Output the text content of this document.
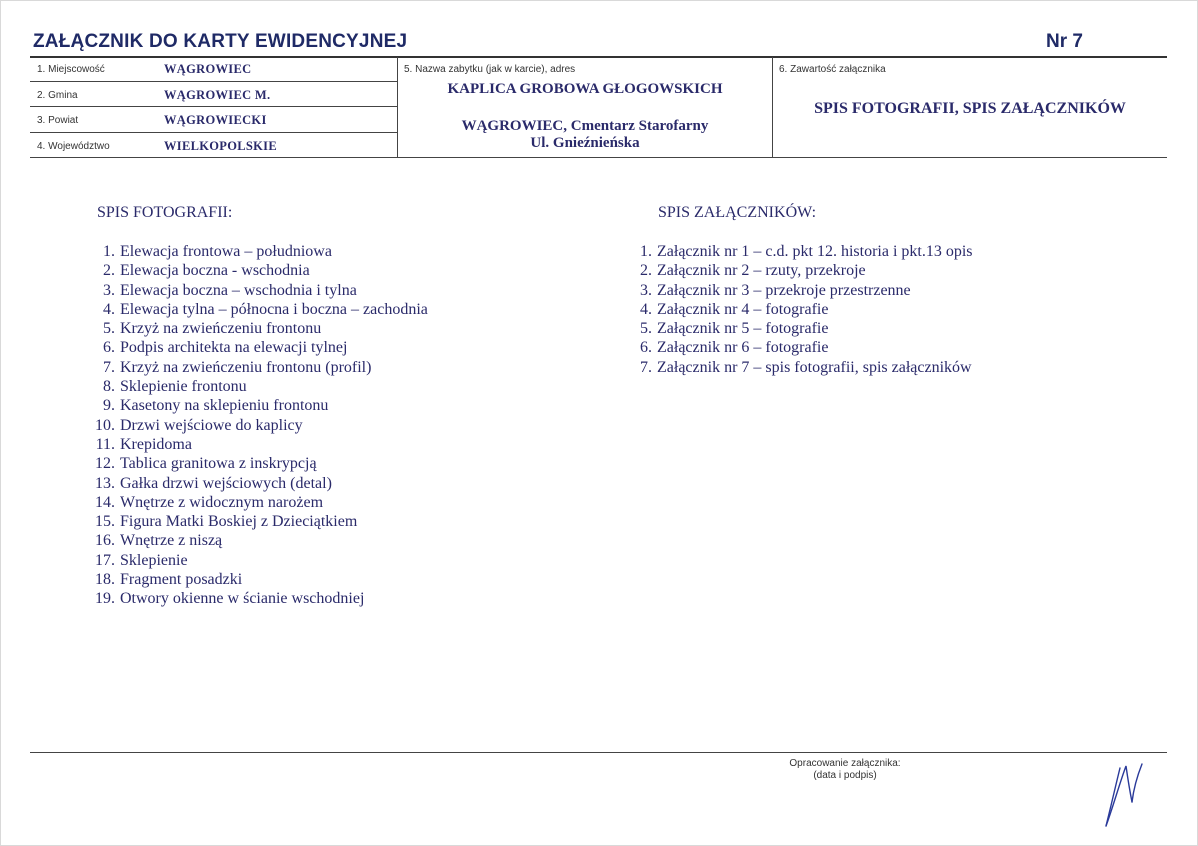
ZAŁĄCZNIK DO KARTY EWIDENCYJNEJ	Nr 7
1. Miejscowość	WĄGROWIEC
2. Gmina	WĄGROWIEC M.
3. Powiat	WĄGROWIECKI
4. Województwo	WIELKOPOLSKIE
5. Nazwa zabytku (jak w karcie), adres
KAPLICA GROBOWA GŁOGOWSKICH
WĄGROWIEC, Cmentarz Starofarny
Ul. Gnieźnieńska
6. Zawartość załącznika
SPIS FOTOGRAFII, SPIS ZAŁĄCZNIKÓW
SPIS FOTOGRAFII:
1. Elewacja frontowa – południowa
2. Elewacja boczna - wschodnia
3. Elewacja boczna – wschodnia i tylna
4. Elewacja tylna – północna i boczna – zachodnia
5. Krzyż na zwieńczeniu frontonu
6. Podpis architekta na elewacji tylnej
7. Krzyż na zwieńczeniu frontonu (profil)
8. Sklepienie frontonu
9. Kasetony na sklepieniu frontonu
10. Drzwi wejściowe do kaplicy
11. Krepidoma
12. Tablica granitowa z inskrypcją
13. Gałka drzwi wejściowych (detal)
14. Wnętrze z widocznym narożem
15. Figura Matki Boskiej z Dzieciątkiem
16. Wnętrze z niszą
17. Sklepienie
18. Fragment posadzki
19. Otwory okienne w ścianie wschodniej
SPIS ZAŁĄCZNIKÓW:
1. Załącznik nr 1 – c.d. pkt 12. historia i pkt.13 opis
2. Załącznik nr 2 – rzuty, przekroje
3. Załącznik nr 3 – przekroje przestrzenne
4. Załącznik nr 4 – fotografie
5. Załącznik nr 5 – fotografie
6. Załącznik nr 6 – fotografie
7. Załącznik nr 7 – spis fotografii, spis załączników
Opracowanie załącznika:
(data i podpis)
